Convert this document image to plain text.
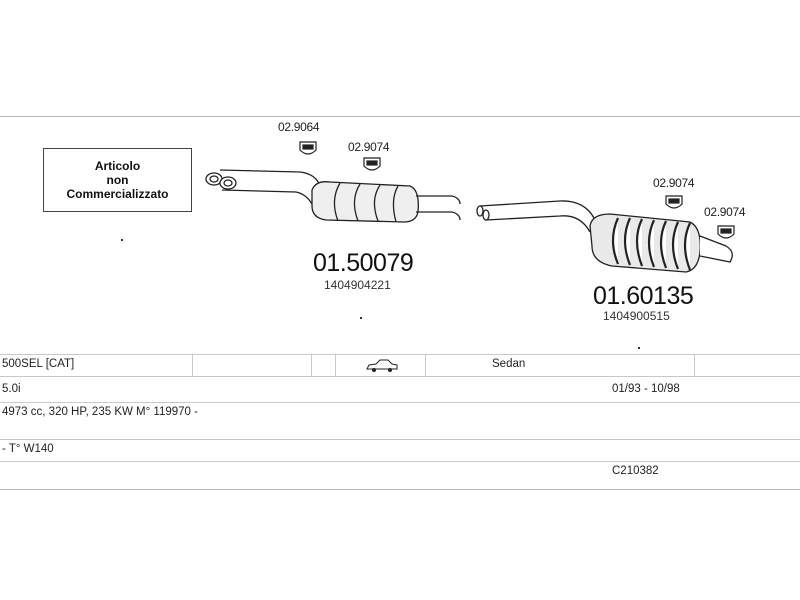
Articolo
non
Commercializzato
02.9064
02.9074
02.9074
02.9074
01.50079
1404904221	01.60135
1404900515
500SEL [CAT]	Sedan
5.0i	01/93 - 10/98
4973 cc, 320 HP, 235 KW M° 119970 -
- T° W140
C210382
